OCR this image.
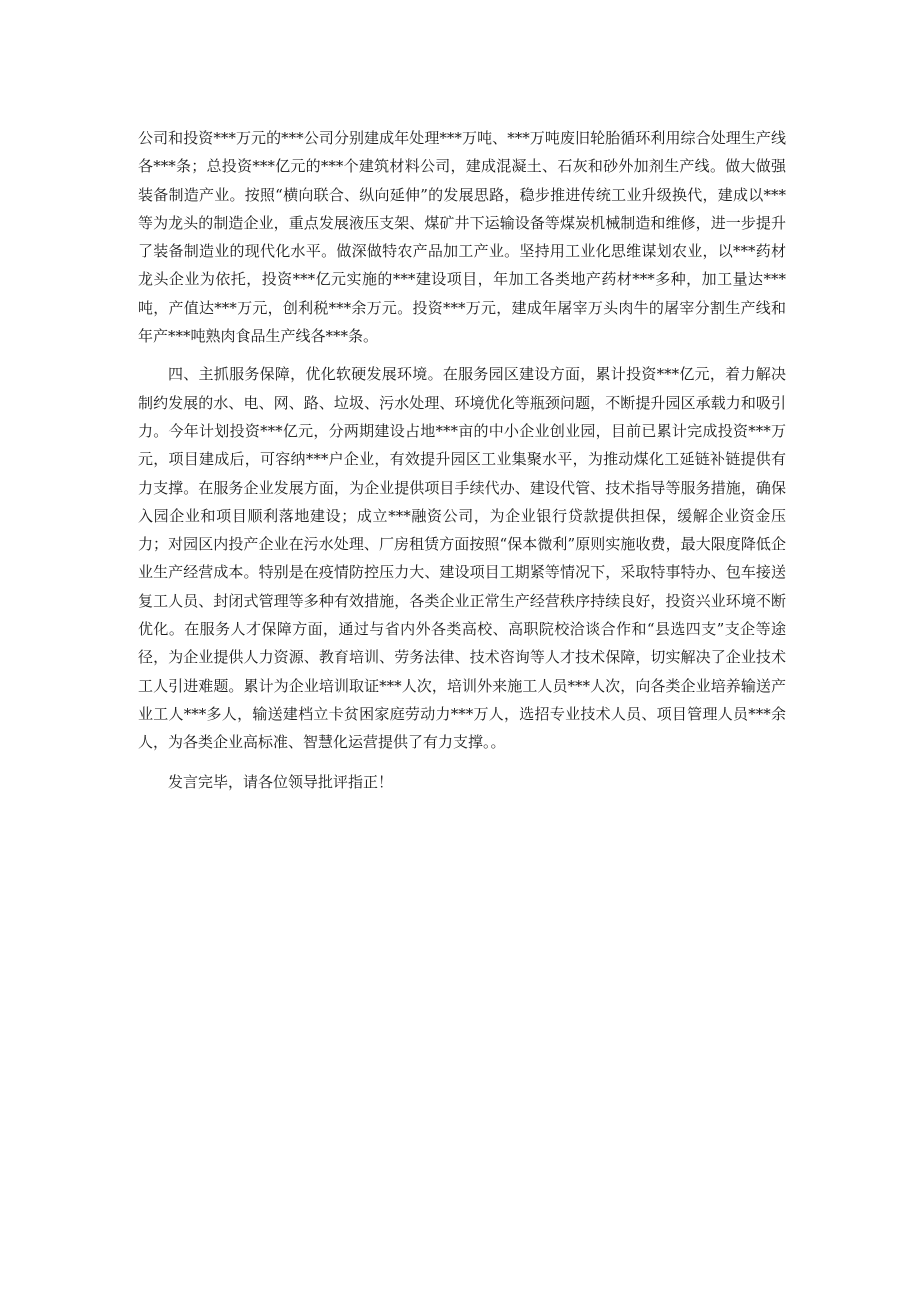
公司和投资***万元的***公司分别建成年处理***万吨、***万吨废旧轮胎循环利用综合处理生产线各***条；总投资***亿元的***个建筑材料公司，建成混凝土、石灰和砂外加剂生产线。做大做强装备制造产业。按照“横向联合、纵向延伸”的发展思路，稳步推进传统工业升级换代，建成以***等为龙头的制造企业，重点发展液压支架、煤矿井下运输设备等煤炭机械制造和维修，进一步提升了装备制造业的现代化水平。做深做特农产品加工产业。坚持用工业化思维谋划农业，以***药材龙头企业为依托，投资***亿元实施的***建设项目，年加工各类地产药材***多种，加工量达***吨，产值达***万元，创利税***余万元。投资***万元，建成年屠宰万头肉牛的屠宰分割生产线和年产***吨熟肉食品生产线各***条。

四、主抓服务保障，优化软硬发展环境。在服务园区建设方面，累计投资***亿元，着力解决制约发展的水、电、网、路、垃圾、污水处理、环境优化等瓶颈问题，不断提升园区承载力和吸引力。今年计划投资***亿元，分两期建设占地***亩的中小企业创业园，目前已累计完成投资***万元，项目建成后，可容纳***户企业，有效提升园区工业集聚水平，为推动煤化工延链补链提供有力支撑。在服务企业发展方面，为企业提供项目手续代办、建设代管、技术指导等服务措施，确保入园企业和项目顺利落地建设；成立***融资公司，为企业银行贷款提供担保，缓解企业资金压力；对园区内投产企业在污水处理、厂房租赁方面按照“保本微利”原则实施收费，最大限度降低企业生产经营成本。特别是在疫情防控压力大、建设项目工期紧等情况下，采取特事特办、包车接送复工人员、封闭式管理等多种有效措施，各类企业正常生产经营秩序持续良好，投资兴业环境不断优化。在服务人才保障方面，通过与省内外各类高校、高职院校洽谈合作和“县选四支”支企等途径，为企业提供人力资源、教育培训、劳务法律、技术咨询等人才技术保障，切实解决了企业技术工人引进难题。累计为企业培训取证***人次，培训外来施工人员***人次，向各类企业培养输送产业工人***多人，输送建档立卡贫困家庭劳动力***万人，选招专业技术人员、项目管理人员***余人，为各类企业高标准、智慧化运营提供了有力支撑。。

发言完毕，请各位领导批评指正！
